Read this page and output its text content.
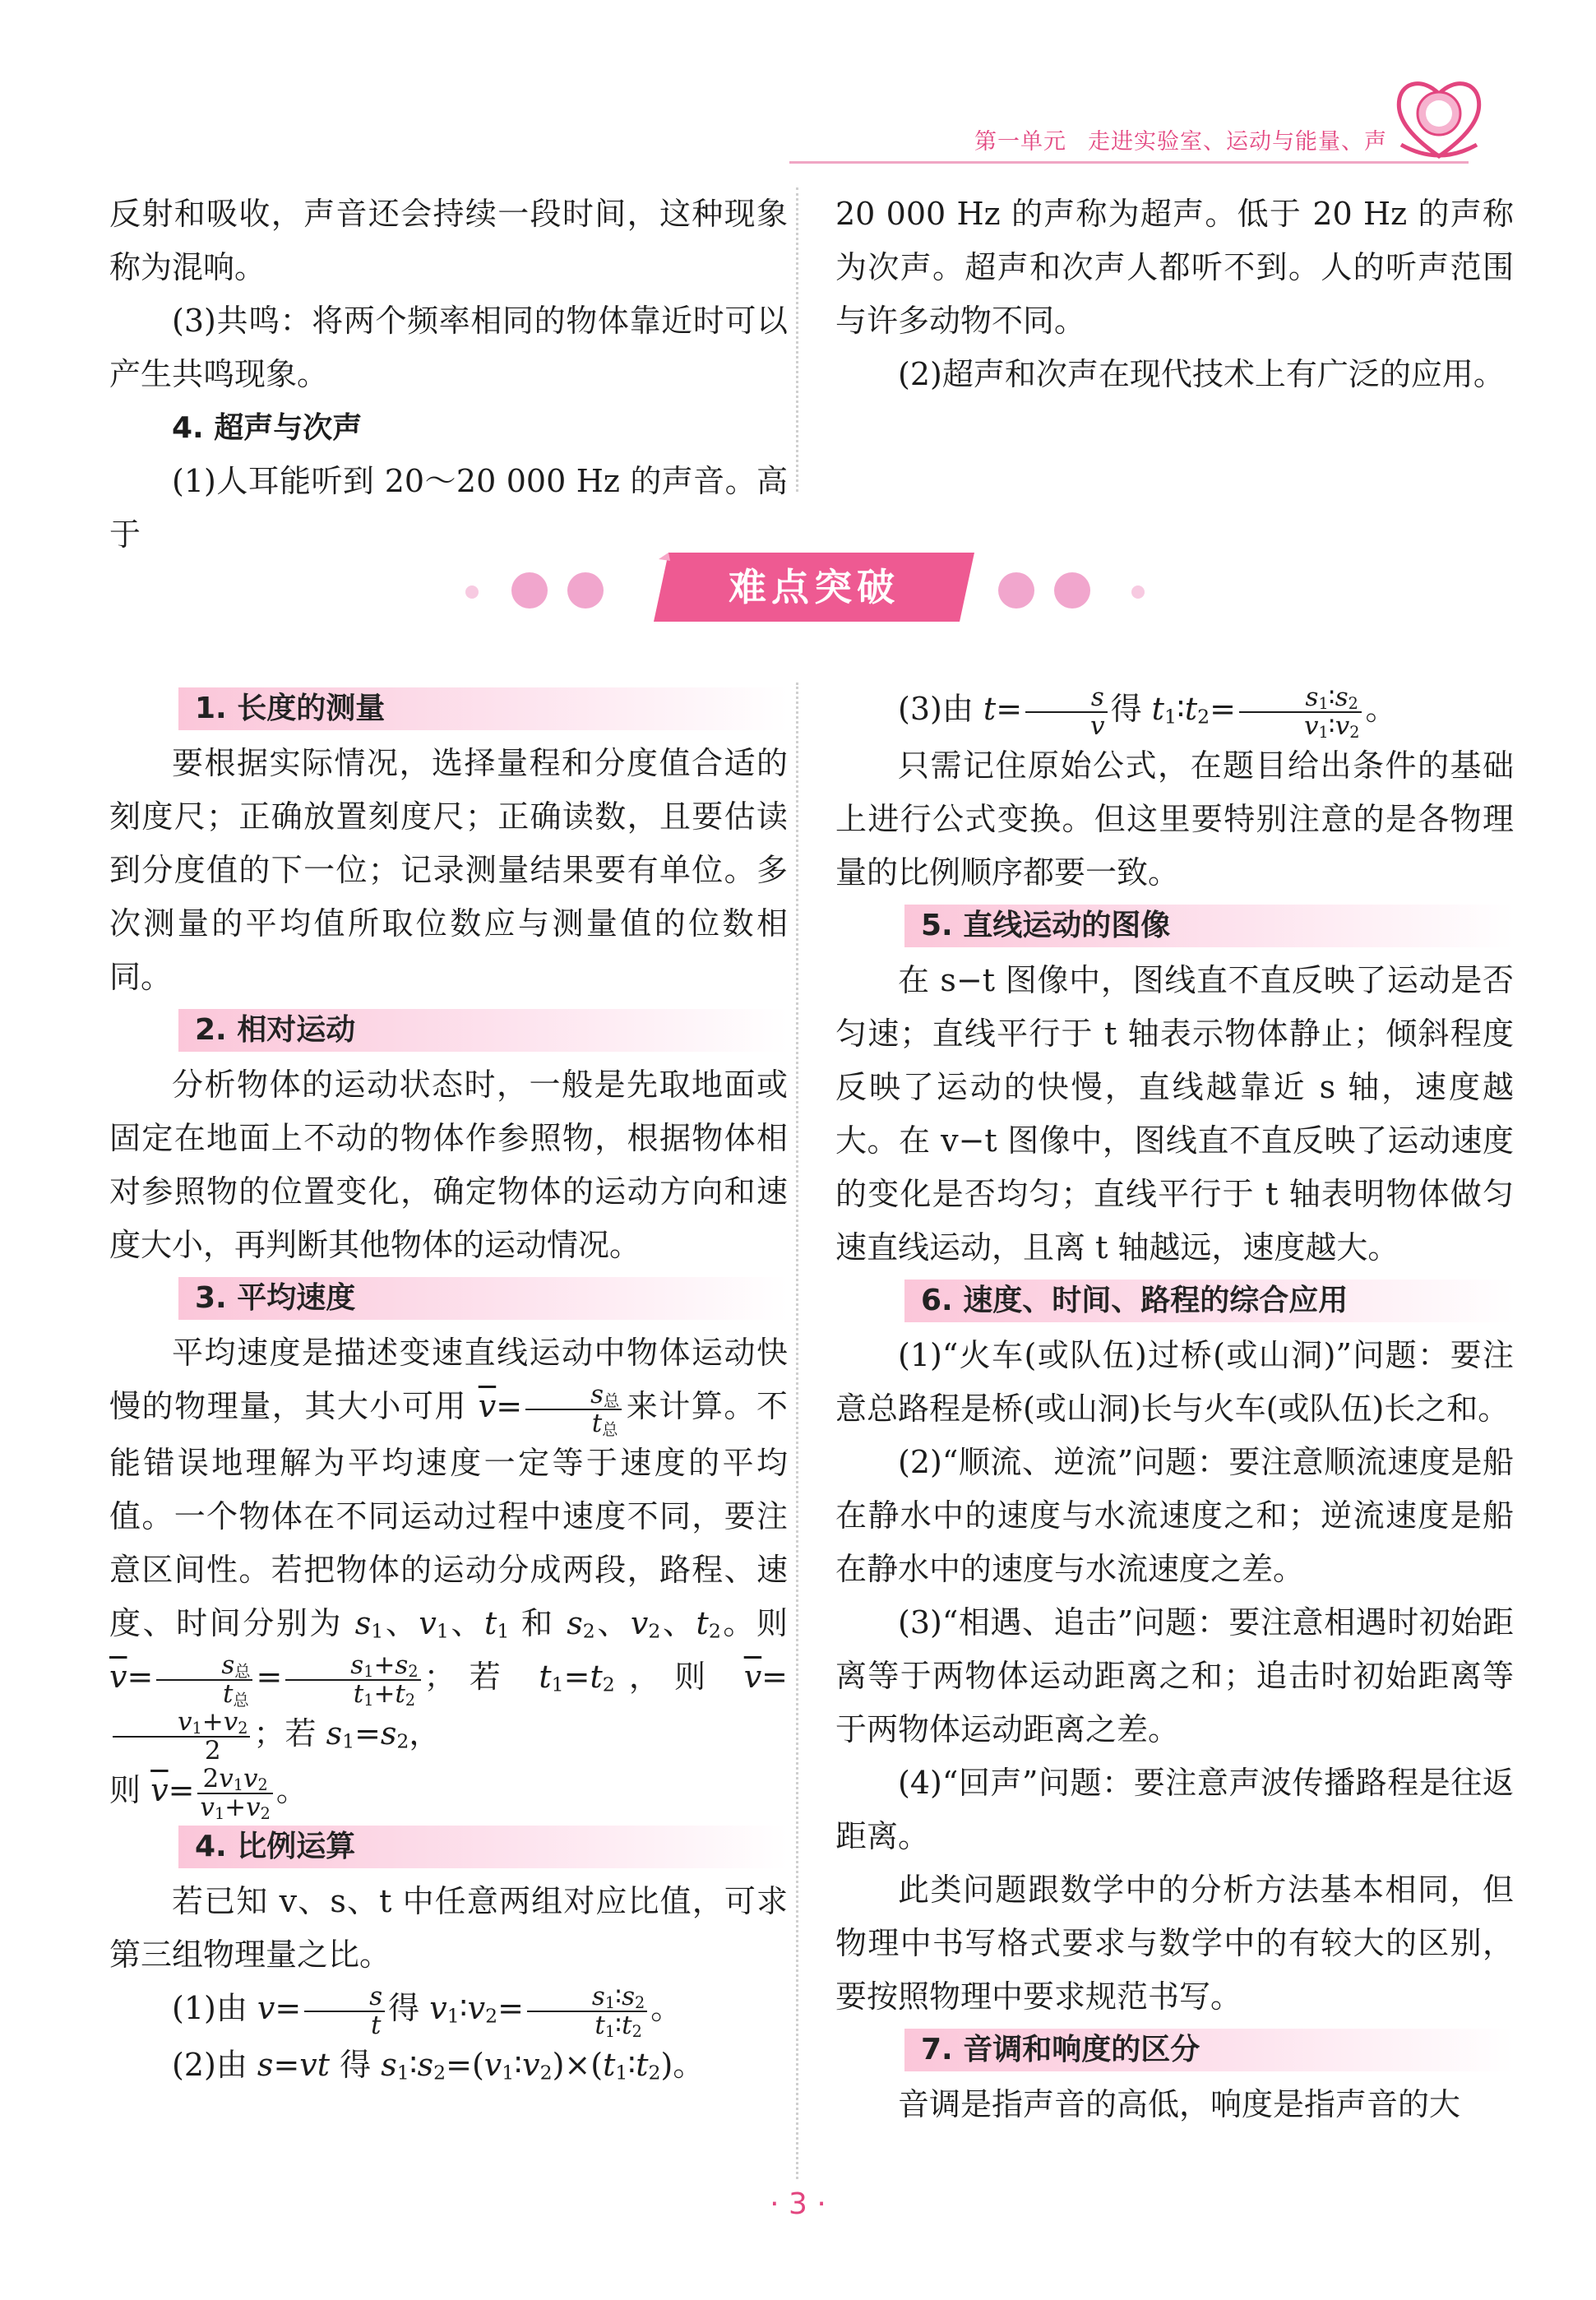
第一单元 走进实验室、运动与能量、声

反射和吸收，声音还会持续一段时间，这种现象称为混响。

(3)共鸣：将两个频率相同的物体靠近时可以产生共鸣现象。

4. 超声与次声

(1)人耳能听到 20～20 000 Hz 的声音。高于

20 000 Hz 的声称为超声。低于 20 Hz 的声称为次声。超声和次声人都听不到。人的听声范围与许多动物不同。

(2)超声和次声在现代技术上有广泛的应用。

难点突破
1. 长度的测量

要根据实际情况，选择量程和分度值合适的刻度尺；正确放置刻度尺；正确读数，且要估读到分度值的下一位；记录测量结果要有单位。多次测量的平均值所取位数应与测量值的位数相同。

2. 相对运动

分析物体的运动状态时，一般是先取地面或固定在地面上不动的物体作参照物，根据物体相对参照物的位置变化，确定物体的运动方向和速度大小，再判断其他物体的运动情况。

3. 平均速度

平均速度是描述变速直线运动中物体运动快慢的物理量，其大小可用 $\overline{v}= \frac{s_总}{t_总}$ 来计算。不能错误地理解为平均速度一定等于速度的平均值。一个物体在不同运动过程中速度不同，要注意区间性。若把物体的运动分成两段，路程、速度、时间分别为 $s_1$、$v_1$、$t_1$ 和 $s_2$、$v_2$、$t_2$。则 $\overline{v}= \frac{s_总}{t_总} = \frac{s_1+s_2}{t_1+t_2}$ ；若 $t_1=t_2$，则 $\overline{v}=$
$\frac{v_1+v_2}{2}$ ；若 $s_1=s_2$，

则 $\overline{v}= \frac{2v_1v_2}{v_1+v_2}$ 。

4. 比例运算

若已知 v、s、t 中任意两组对应比值，可求第三组物理量之比。

(1)由 $v= \frac{s}{t}$ 得 $v_1∶v_2= \frac{s_1∶s_2}{t_1∶t_2}$ 。

(2)由 s=vt 得 $s_1∶s_2=(v_1∶v_2)\times(t_1∶t_2)$。

(3)由 $t= \frac{s}{v}$ 得 $t_1∶t_2= \frac{s_1∶s_2}{v_1∶v_2}$ 。

只需记住原始公式，在题目给出条件的基础上进行公式变换。但这里要特别注意的是各物理量的比例顺序都要一致。

5. 直线运动的图像

在 s−t 图像中，图线直不直反映了运动是否匀速；直线平行于 t 轴表示物体静止；倾斜程度反映了运动的快慢，直线越靠近 s 轴，速度越大。在 v−t 图像中，图线直不直反映了运动速度的变化是否均匀；直线平行于 t 轴表明物体做匀速直线运动，且离 t 轴越远，速度越大。

6. 速度、时间、路程的综合应用

(1)“火车(或队伍)过桥(或山洞)”问题：要注意总路程是桥(或山洞)长与火车(或队伍)长之和。

(2)“顺流、逆流”问题：要注意顺流速度是船在静水中的速度与水流速度之和；逆流速度是船在静水中的速度与水流速度之差。

(3)“相遇、追击”问题：要注意相遇时初始距离等于两物体运动距离之和；追击时初始距离等于两物体运动距离之差。

(4)“回声”问题：要注意声波传播路程是往返距离。

此类问题跟数学中的分析方法基本相同，但物理中书写格式要求与数学中的有较大的区别，要按照物理中要求规范书写。

7. 音调和响度的区分

音调是指声音的高低，响度是指声音的大

· 3 ·
